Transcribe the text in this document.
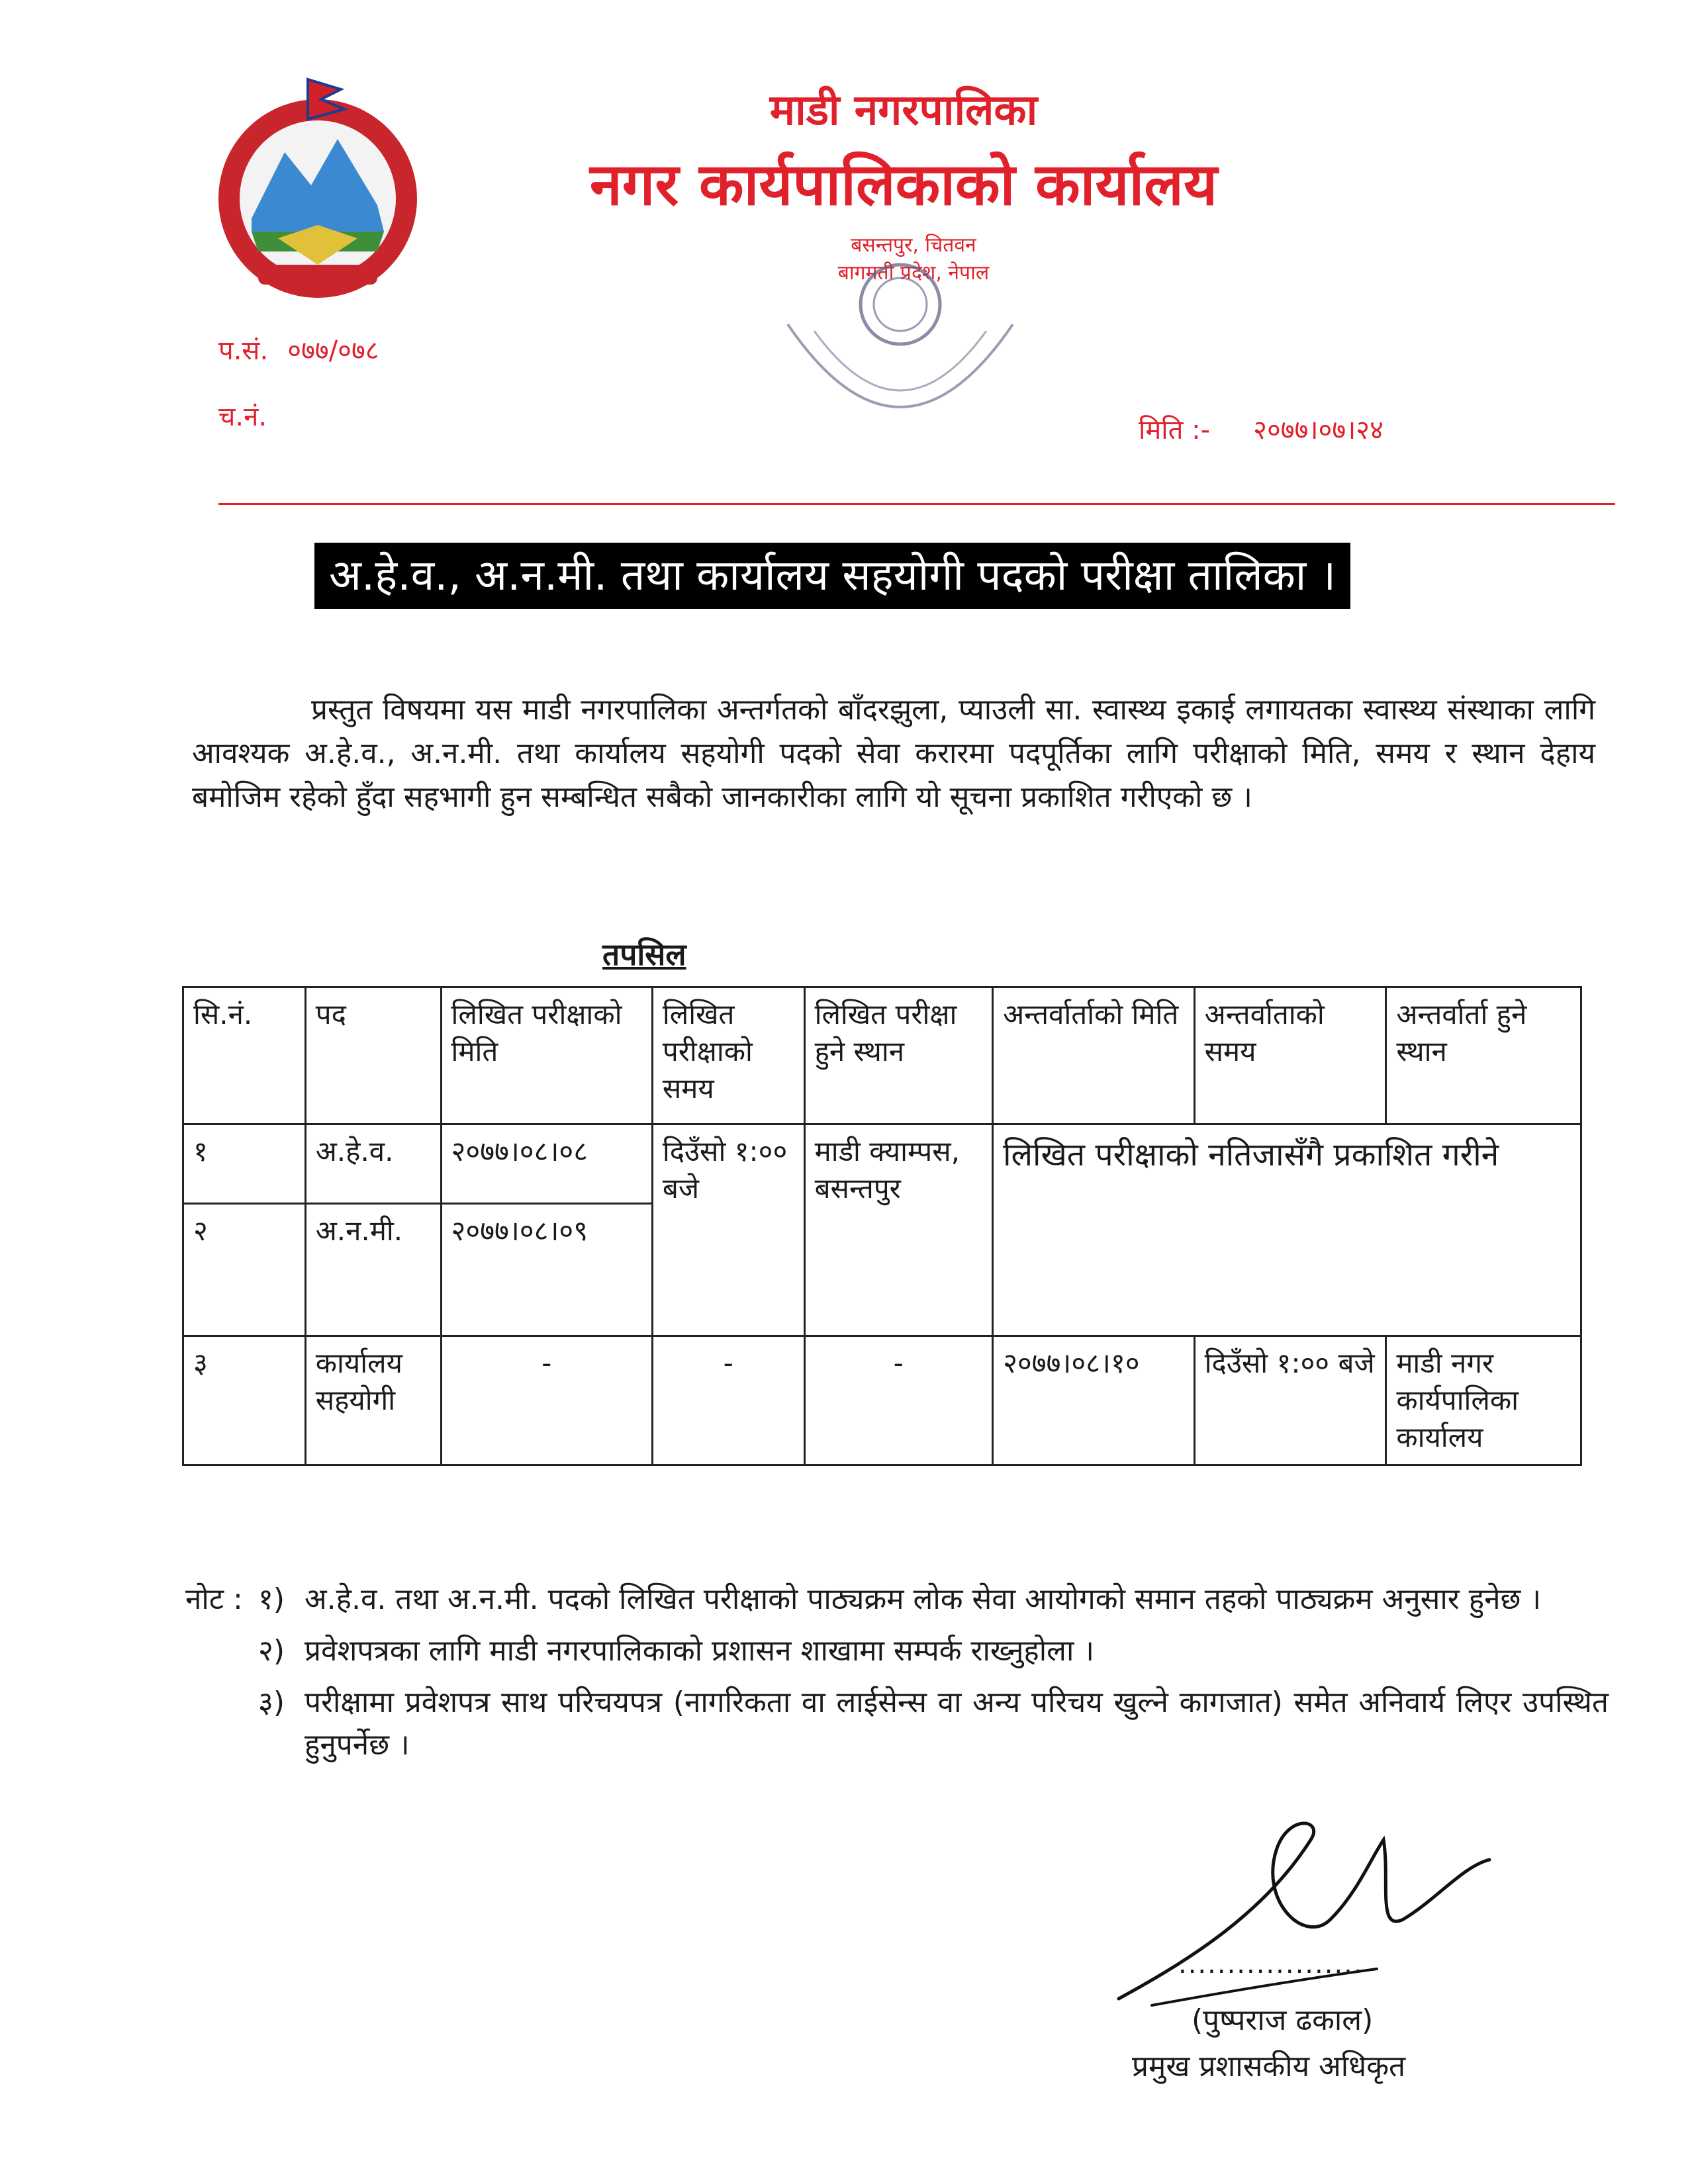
माडी नगरपालिका
नगर कार्यपालिकाको कार्यालय
बसन्तपुर, चितवन
बागमती प्रदेश, नेपाल
प.सं. ०७७/०७८
च.नं.	मिति :- २०७७।०७।२४
अ.हे.व., अ.न.मी. तथा कार्यालय सहयोगी पदको परीक्षा तालिका ।

प्रस्तुत विषयमा यस माडी नगरपालिका अन्तर्गतको बाँदरझुला, प्याउली सा. स्वास्थ्य इकाई लगायतका स्वास्थ्य संस्थाका लागि आवश्यक अ.हे.व., अ.न.मी. तथा कार्यालय सहयोगी पदको सेवा करारमा पदपूर्तिका लागि परीक्षाको मिति, समय र स्थान देहाय बमोजिम रहेको हुँदा सहभागी हुन सम्बन्धित सबैको जानकारीका लागि यो सूचना प्रकाशित गरीएको छ ।

तपसिल
सि.नं.	पद	लिखित परीक्षाको मिति	लिखित परीक्षाको समय	लिखित परीक्षा हुने स्थान	अन्तर्वार्ताको मिति	अन्तर्वाताको समय	अन्तर्वार्ता हुने स्थान
१	अ.हे.व.	२०७७।०८।०८	दिउँसो १:०० बजे	माडी क्याम्पस, बसन्तपुर	लिखित परीक्षाको नतिजासँगै प्रकाशित गरीने		
२	अ.न.मी.	२०७७।०८।०९					
३	कार्यालय सहयोगी	-	-	-	२०७७।०८।१०	दिउँसो १:०० बजे	माडी नगर कार्यपालिका कार्यालय
नोट : १) अ.हे.व. तथा अ.न.मी. पदको लिखित परीक्षाको पाठ्यक्रम लोक सेवा आयोगको समान तहको पाठ्यक्रम अनुसार हुनेछ ।
२) प्रवेशपत्रका लागि माडी नगरपालिकाको प्रशासन शाखामा सम्पर्क राख्नुहोला ।
३) परीक्षामा प्रवेशपत्र साथ परिचयपत्र (नागरिकता वा लाईसेन्स वा अन्य परिचय खुल्ने कागजात) समेत अनिवार्य लिएर उपस्थित हुनुपर्नेछ ।
...................
(पुष्पराज ढकाल)
प्रमुख प्रशासकीय अधिकृत
